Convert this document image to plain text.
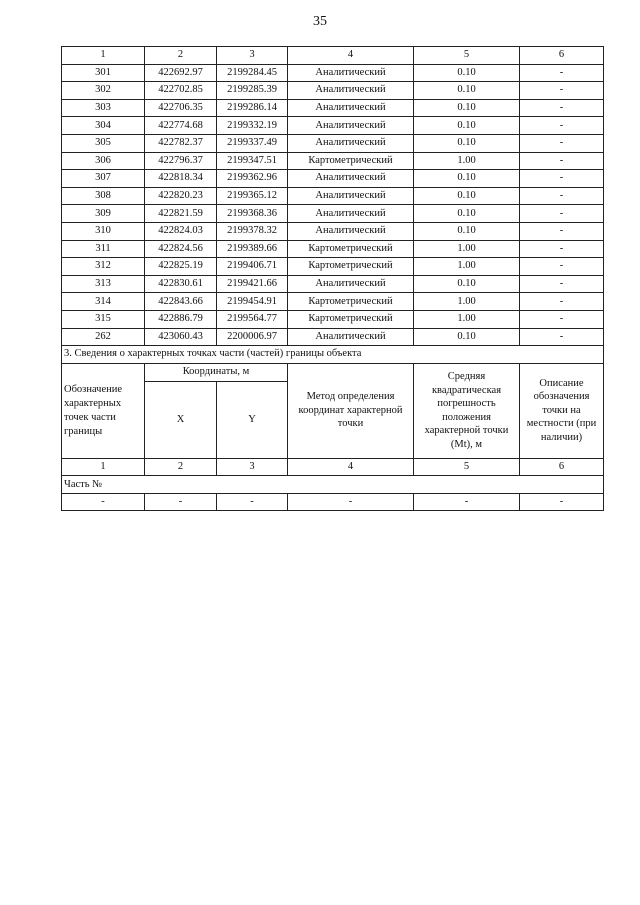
35
1	2	3	4	5	6
301	422692.97	2199284.45	Аналитический	0.10	-
302	422702.85	2199285.39	Аналитический	0.10	-
303	422706.35	2199286.14	Аналитический	0.10	-
304	422774.68	2199332.19	Аналитический	0.10	-
305	422782.37	2199337.49	Аналитический	0.10	-
306	422796.37	2199347.51	Картометрический	1.00	-
307	422818.34	2199362.96	Аналитический	0.10	-
308	422820.23	2199365.12	Аналитический	0.10	-
309	422821.59	2199368.36	Аналитический	0.10	-
310	422824.03	2199378.32	Аналитический	0.10	-
311	422824.56	2199389.66	Картометрический	1.00	-
312	422825.19	2199406.71	Картометрический	1.00	-
313	422830.61	2199421.66	Аналитический	0.10	-
314	422843.66	2199454.91	Картометрический	1.00	-
315	422886.79	2199564.77	Картометрический	1.00	-
262	423060.43	2200006.97	Аналитический	0.10	-
3. Сведения о характерных точках части (частей) границы объекта					

Обозначение
характерных
точек части
границы	Координаты, м		Метод определения координат характерной точки	Средняя квадратическая погрешность положения характерной точки (Mt), м	Описание обозначения точки на местности (при наличии)
	X	Y			
1	2	3	4	5	6
Часть №					
-	-	-	-	-	-
